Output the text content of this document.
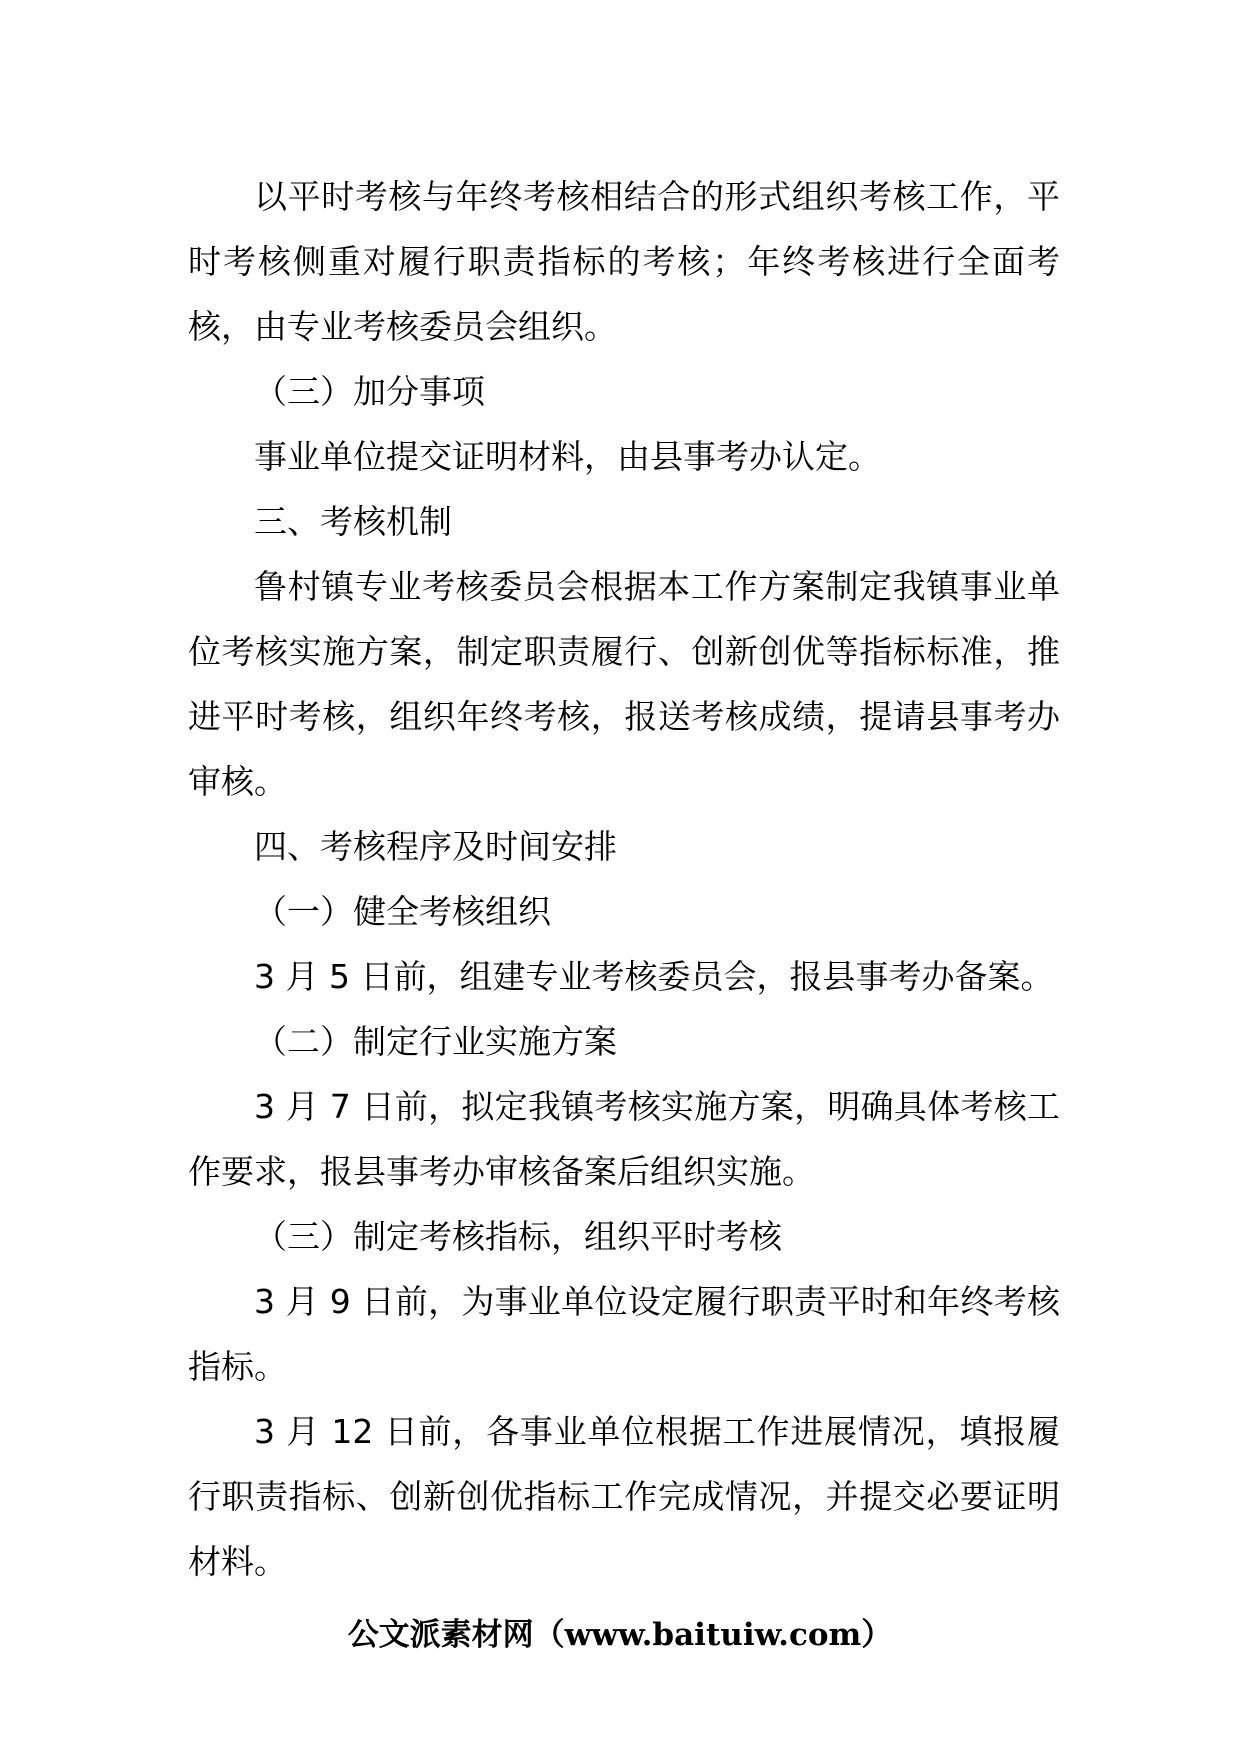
以平时考核与年终考核相结合的形式组织考核工作，平时考核侧重对履行职责指标的考核；年终考核进行全面考核，由专业考核委员会组织。

（三）加分事项

事业单位提交证明材料，由县事考办认定。

三、考核机制

鲁村镇专业考核委员会根据本工作方案制定我镇事业单位考核实施方案，制定职责履行、创新创优等指标标准，推进平时考核，组织年终考核，报送考核成绩，提请县事考办审核。

四、考核程序及时间安排

（一）健全考核组织

3 月 5 日前，组建专业考核委员会，报县事考办备案。

（二）制定行业实施方案

3 月 7 日前，拟定我镇考核实施方案，明确具体考核工作要求，报县事考办审核备案后组织实施。

（三）制定考核指标，组织平时考核

3 月 9 日前，为事业单位设定履行职责平时和年终考核指标。

3 月 12 日前，各事业单位根据工作进展情况，填报履行职责指标、创新创优指标工作完成情况，并提交必要证明材料。

公文派素材网（www.baituiw.com）
